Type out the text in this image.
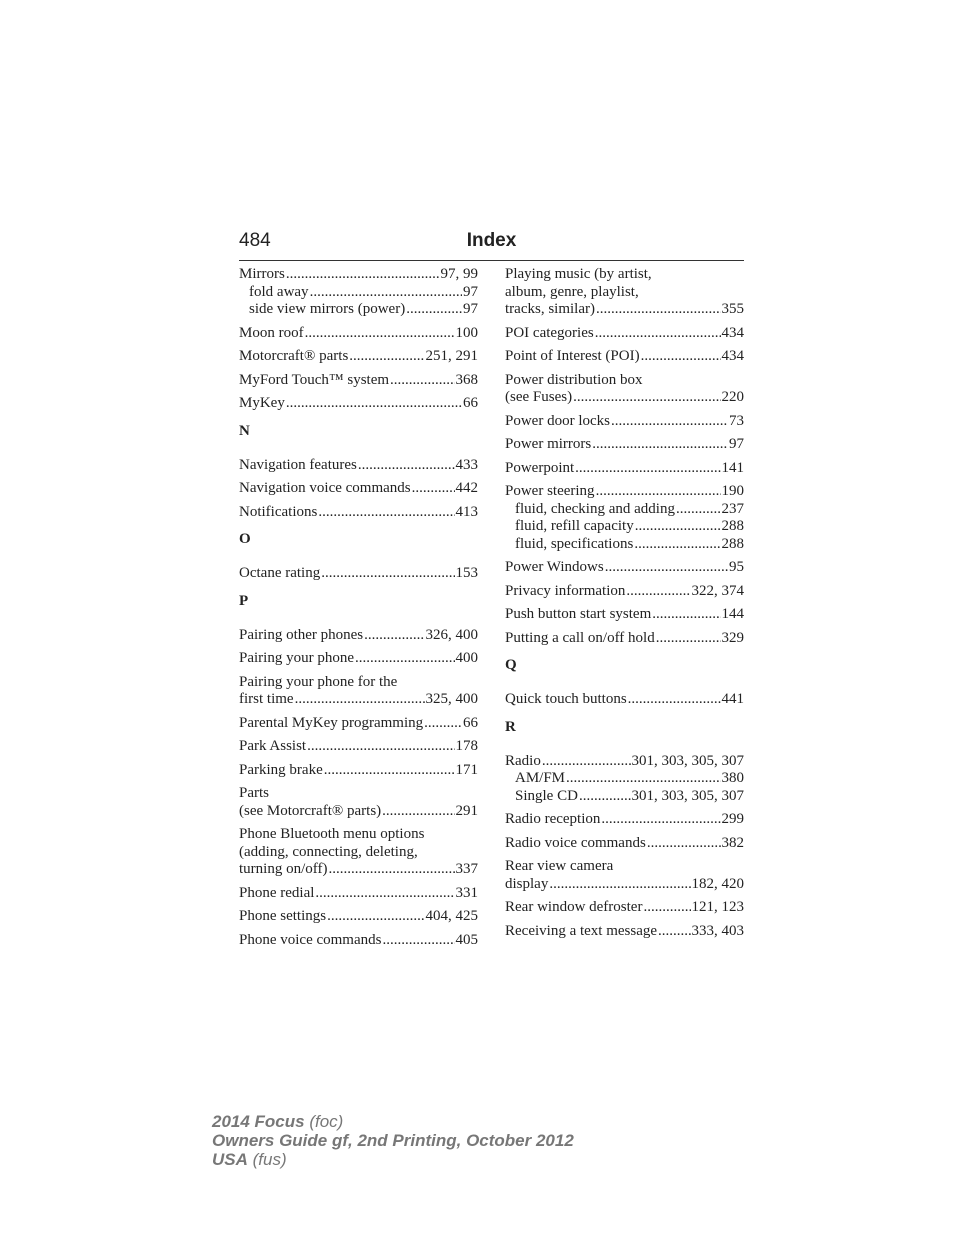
484	Index
Mirrors .....	97, 99
fold away .....	97
side view mirrors (power) .....	97
Moon roof .....	100
Motorcraft® parts .....	251, 291
MyFord Touch™ system .....	368
MyKey .....	66
N
Navigation features .....	433
Navigation voice commands .....	442
Notifications .....	413
O
Octane rating .....	153
P
Pairing other phones .....	326, 400
Pairing your phone .....	400
Pairing your phone for the
first time .....	325, 400
Parental MyKey programming .....	66
Park Assist .....	178
Parking brake .....	171
Parts
(see Motorcraft® parts) .....	291
Phone Bluetooth menu options
(adding, connecting, deleting,
turning on/off) .....	337
Phone redial .....	331
Phone settings .....	404, 425
Phone voice commands .....	405
Playing music (by artist,
album, genre, playlist,
tracks, similar) .....	355
POI categories .....	434
Point of Interest (POI) .....	434
Power distribution box
(see Fuses) .....	220
Power door locks .....	73
Power mirrors .....	97
Powerpoint .....	141
Power steering .....	190
fluid, checking and adding .....	237
fluid, refill capacity .....	288
fluid, specifications .....	288
Power Windows .....	95
Privacy information .....	322, 374
Push button start system .....	144
Putting a call on/off hold .....	329
Q
Quick touch buttons .....	441
R
Radio .....	301, 303, 305, 307
AM/FM .....	380
Single CD .....	301, 303, 305, 307
Radio reception .....	299
Radio voice commands .....	382
Rear view camera
display .....	182, 420
Rear window defroster .....	121, 123
Receiving a text message ..... 333, 403
2014 Focus (foc)
Owners Guide gf, 2nd Printing, October 2012
USA (fus)
